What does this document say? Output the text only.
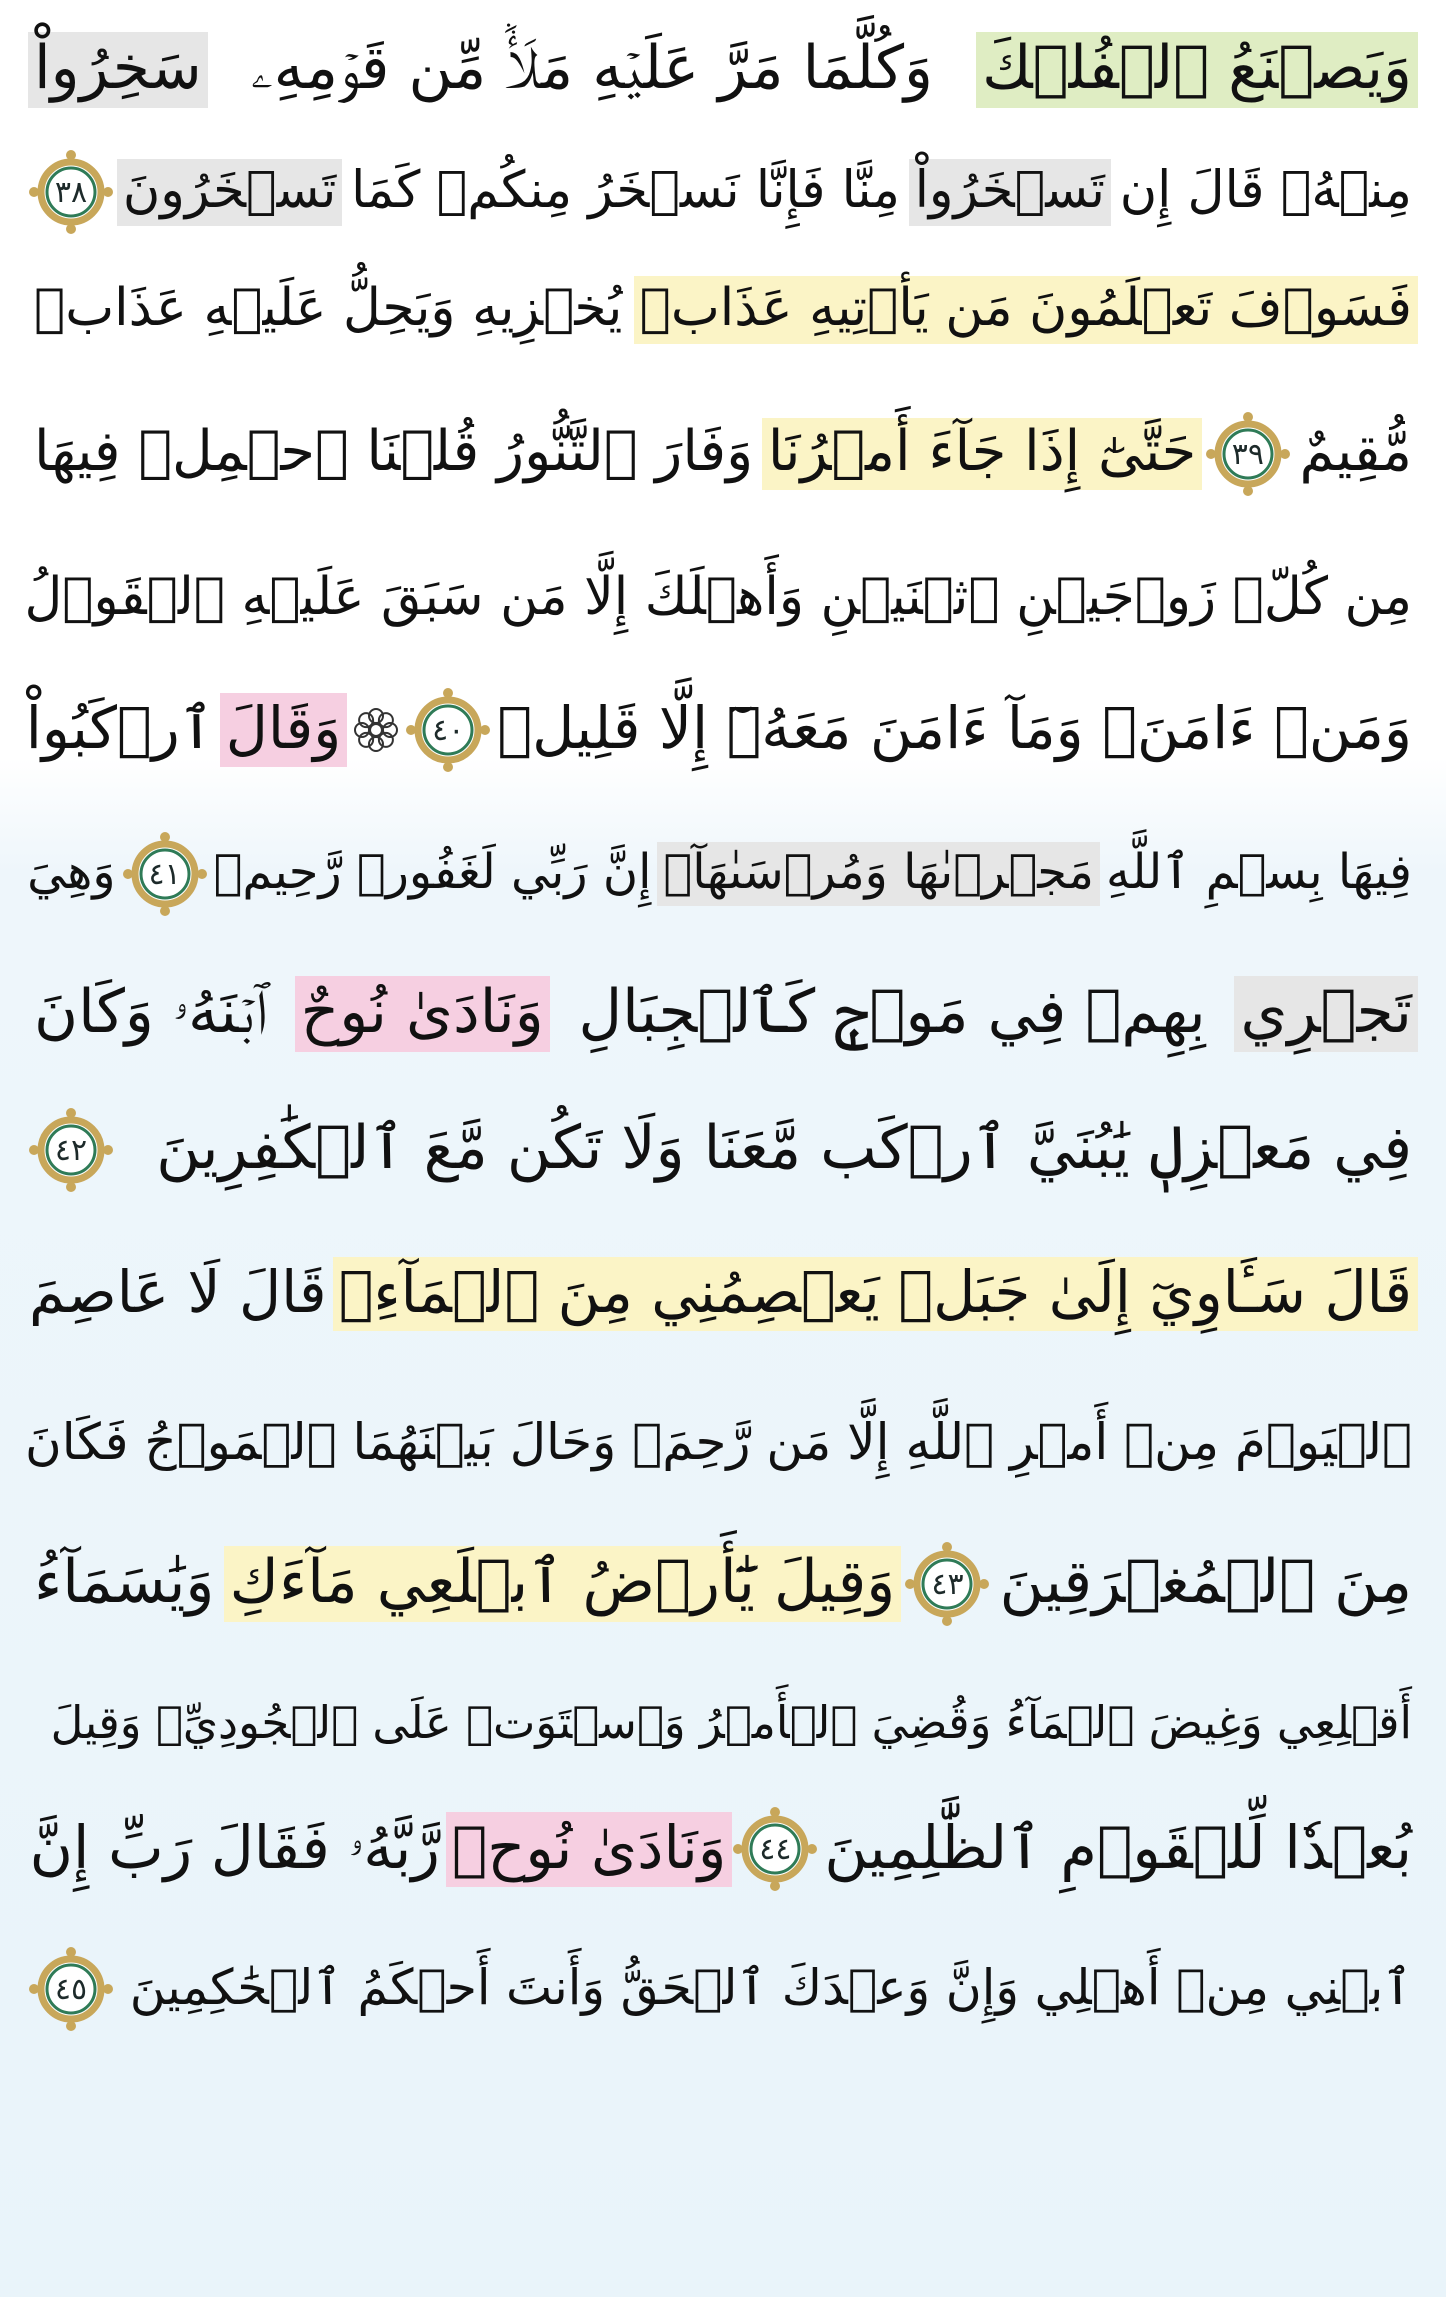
وَيَصۡنَعُ ٱلۡفُلۡكَ
وَكُلَّمَا مَرَّ عَلَيۡهِ مَلَأٞ مِّن قَوۡمِهِۦ
سَخِرُواْ
مِنۡهُۚ قَالَ إِن
تَسۡخَرُواْ
مِنَّا فَإِنَّا نَسۡخَرُ مِنكُمۡ كَمَا
تَسۡخَرُونَ
٣٨
فَسَوۡفَ تَعۡلَمُونَ مَن يَأۡتِيهِ عَذَابٞ
يُخۡزِيهِ وَيَحِلُّ عَلَيۡهِ عَذَابٞ
مُّقِيمٌ
٣٩
حَتَّىٰٓ إِذَا جَآءَ أَمۡرُنَا
وَفَارَ ٱلتَّنُّورُ قُلۡنَا ٱحۡمِلۡ فِيهَا
مِن كُلّٖ زَوۡجَيۡنِ ٱثۡنَيۡنِ وَأَهۡلَكَ إِلَّا مَن سَبَقَ عَلَيۡهِ ٱلۡقَوۡلُ
وَمَنۡ ءَامَنَۚ وَمَآ ءَامَنَ مَعَهُۥٓ إِلَّا قَلِيلٞ
٤٠
وَقَالَ
ٱرۡكَبُواْ
فِيهَا بِسۡمِ ٱللَّهِ
مَجۡرٜىٰهَا وَمُرۡسَىٰهَآۚ
إِنَّ رَبِّي لَغَفُورٞ رَّحِيمٞ
٤١
وَهِيَ
تَجۡرِي
بِهِمۡ فِي مَوۡجٖ كَٱلۡجِبَالِ
وَنَادَىٰ نُوحٌ
ٱبۡنَهُۥ وَكَانَ
فِي مَعۡزِلٖ يَٰبُنَيَّ ٱرۡكَب مَّعَنَا وَلَا تَكُن مَّعَ ٱلۡكَٰفِرِينَ
٤٢
قَالَ سَـَٔاوِيٓ إِلَىٰ جَبَلٖ يَعۡصِمُنِي مِنَ ٱلۡمَآءِۚ
قَالَ لَا عَاصِمَ
ٱلۡيَوۡمَ مِنۡ أَمۡرِ ٱللَّهِ إِلَّا مَن رَّحِمَۚ وَحَالَ بَيۡنَهُمَا ٱلۡمَوۡجُ فَكَانَ
مِنَ ٱلۡمُغۡرَقِينَ
٤٣
وَقِيلَ يَٰٓأَرۡضُ ٱبۡلَعِي مَآءَكِ
وَيَٰسَمَآءُ
أَقۡلِعِي وَغِيضَ ٱلۡمَآءُ وَقُضِيَ ٱلۡأَمۡرُ وَٱسۡتَوَتۡ عَلَى ٱلۡجُودِيِّۖ وَقِيلَ
بُعۡدٗا لِّلۡقَوۡمِ ٱلظَّٰلِمِينَ
٤٤
وَنَادَىٰ نُوحٞ
رَّبَّهُۥ فَقَالَ رَبِّ إِنَّ
ٱبۡنِي مِنۡ أَهۡلِي وَإِنَّ وَعۡدَكَ ٱلۡحَقُّ وَأَنتَ أَحۡكَمُ ٱلۡحَٰكِمِينَ
٤٥
